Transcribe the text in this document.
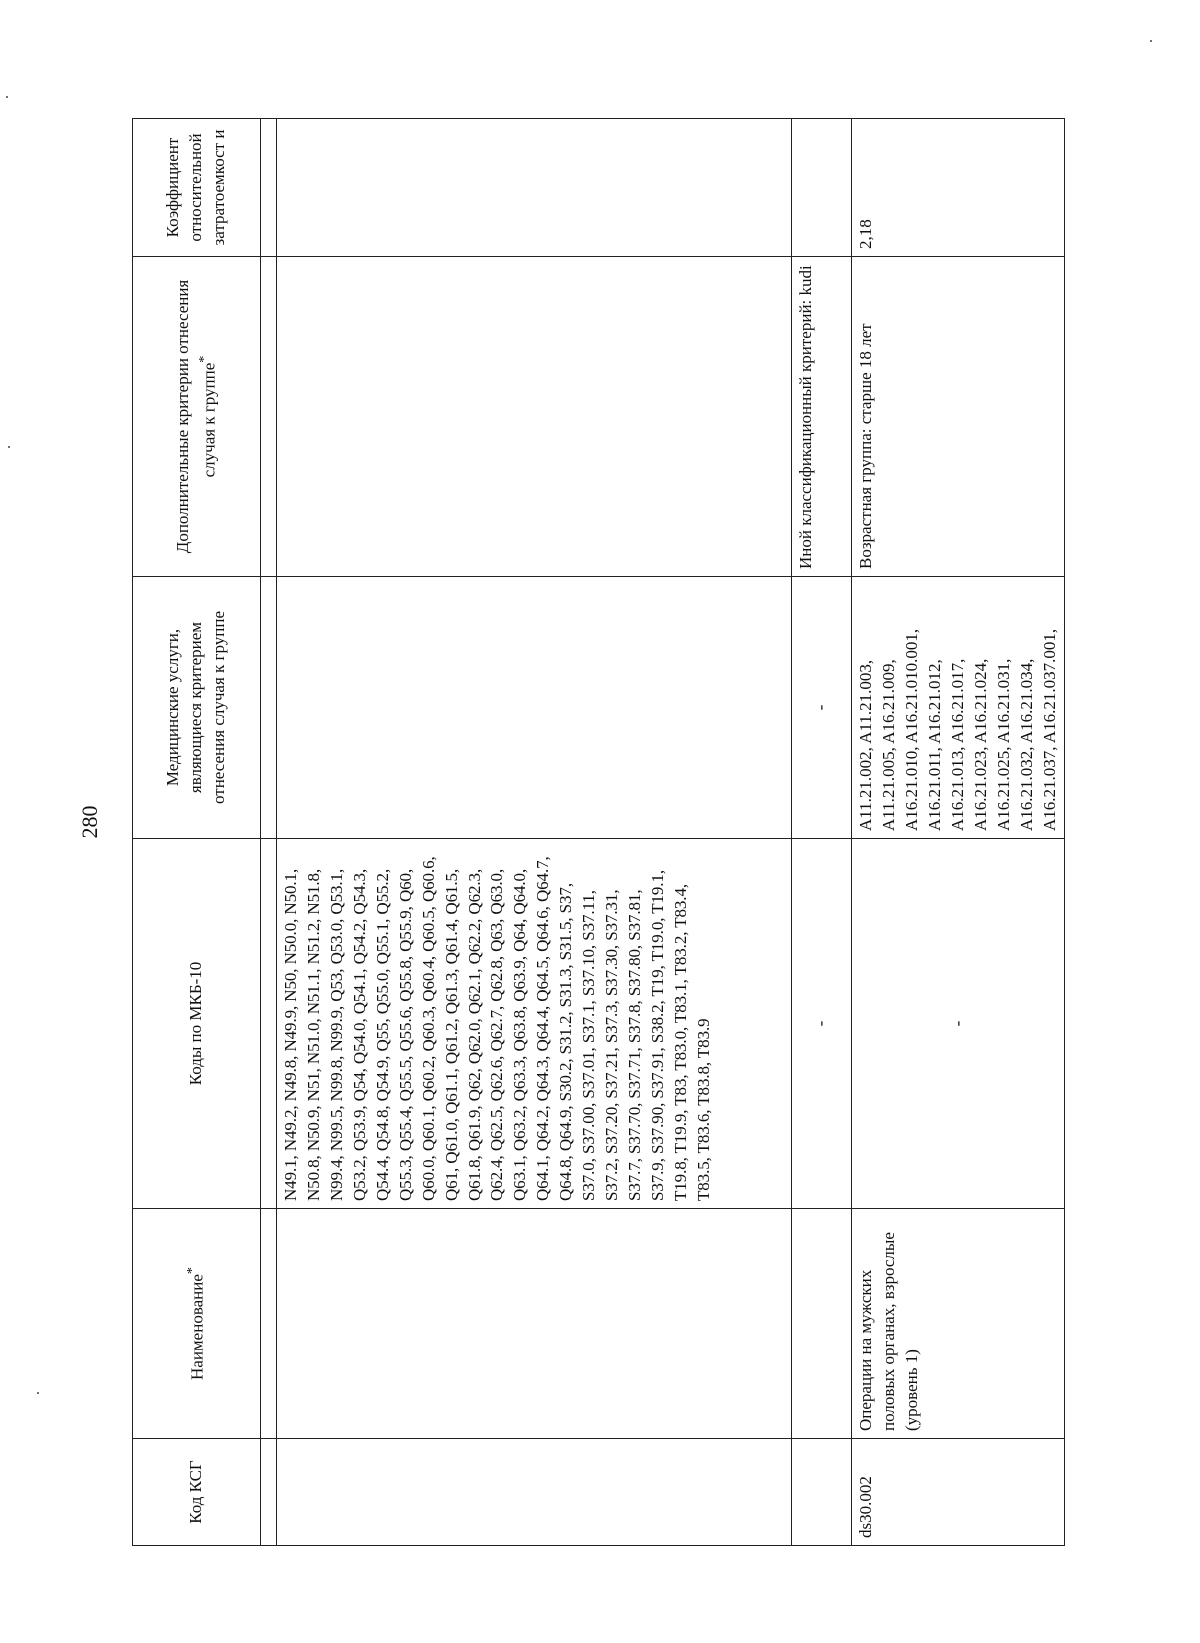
280
Код КСГ	Наименование*	Коды по МКБ-10	Медицинские услуги, являющиеся критерием отнесения случая к группе	Дополнительные критерии отнесения случая к группе*	Коэффициент относительной затратоемкост и

		N49.1, N49.2, N49.8, N49.9, N50, N50.0, N50.1, N50.8, N50.9, N51, N51.0, N51.1, N51.2, N51.8, N99.4, N99.5, N99.8, N99.9, Q53, Q53.0, Q53.1, Q53.2, Q53.9, Q54, Q54.0, Q54.1, Q54.2, Q54.3, Q54.4, Q54.8, Q54.9, Q55, Q55.0, Q55.1, Q55.2, Q55.3, Q55.4, Q55.5, Q55.6, Q55.8, Q55.9, Q60, Q60.0, Q60.1, Q60.2, Q60.3, Q60.4, Q60.5, Q60.6, Q61, Q61.0, Q61.1, Q61.2, Q61.3, Q61.4, Q61.5, Q61.8, Q61.9, Q62, Q62.0, Q62.1, Q62.2, Q62.3, Q62.4, Q62.5, Q62.6, Q62.7, Q62.8, Q63, Q63.0, Q63.1, Q63.2, Q63.3, Q63.8, Q63.9, Q64, Q64.0, Q64.1, Q64.2, Q64.3, Q64.4, Q64.5, Q64.6, Q64.7, Q64.8, Q64.9, S30.2, S31.2, S31.3, S31.5, S37, S37.0, S37.00, S37.01, S37.1, S37.10, S37.11, S37.2, S37.20, S37.21, S37.3, S37.30, S37.31, S37.7, S37.70, S37.71, S37.8, S37.80, S37.81, S37.9, S37.90, S37.91, S38.2, T19, T19.0, T19.1, T19.8, T19.9, T83, T83.0, T83.1, T83.2, T83.4, T83.5, T83.6, T83.8, T83.9			
		-	-	Иной классификационный критерий: kudi	
ds30.002	Операции на мужских половых органах, взрослые (уровень 1)	-	A11.21.002, A11.21.003, A11.21.005, A16.21.009, A16.21.010, A16.21.010.001, A16.21.011, A16.21.012, A16.21.013, A16.21.017, A16.21.023, A16.21.024, A16.21.025, A16.21.031, A16.21.032, A16.21.034, A16.21.037, A16.21.037.001,	Возрастная группа: старше 18 лет	2,18
